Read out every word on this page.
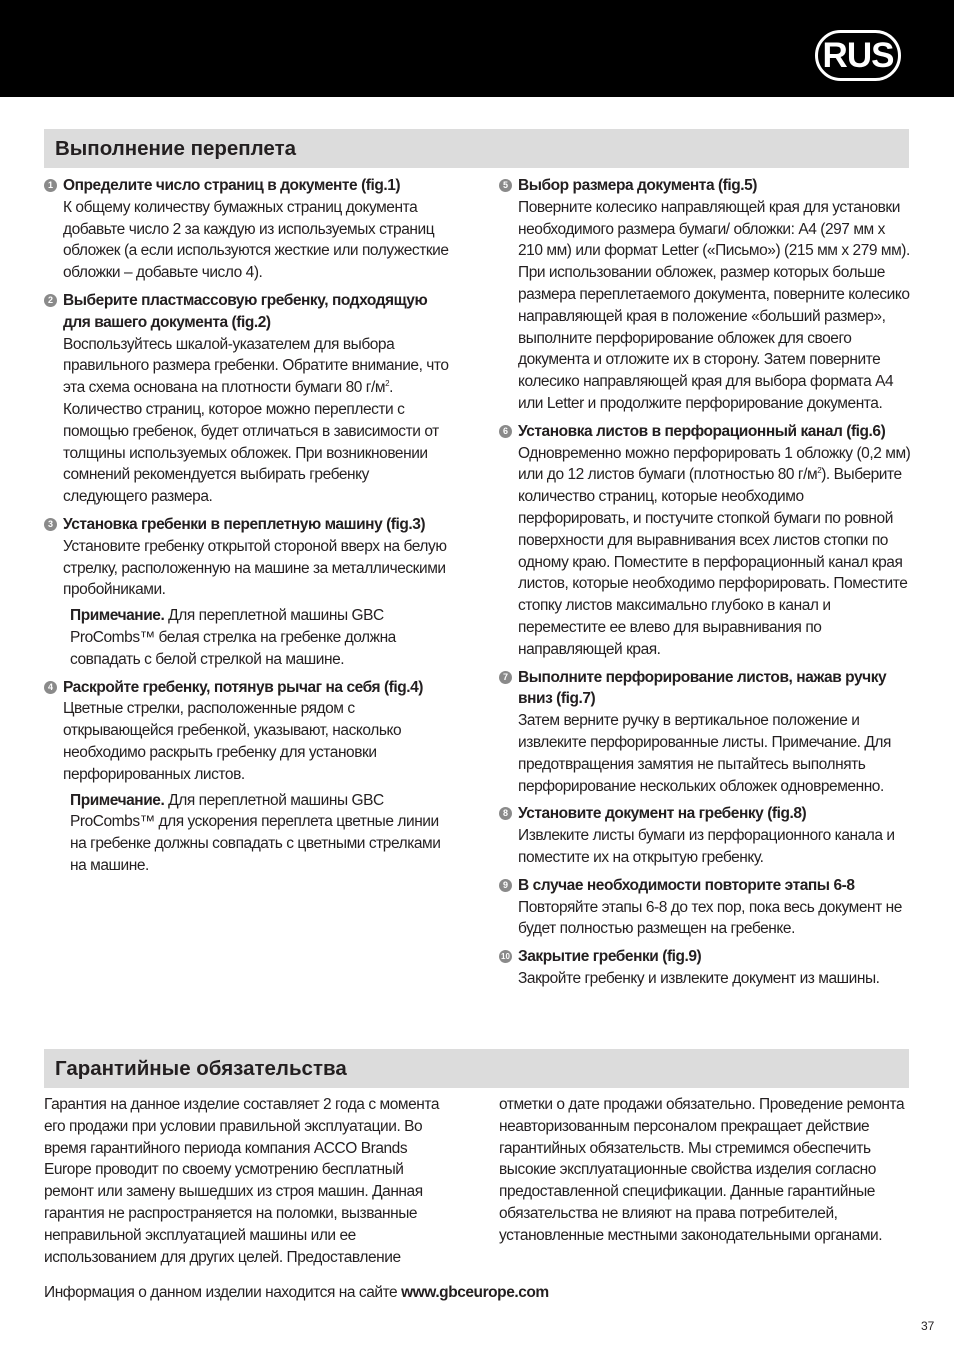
RUS
Выполнение переплета
1 Определите число страниц в документе (fig.1)
К общему количеству бумажных страниц документа добавьте число 2 за каждую из используемых страниц обложек (а если используются жесткие или полужесткие обложки – добавьте число 4).
2 Выберите пластмассовую гребенку, подходящую для вашего документа (fig.2)
Воспользуйтесь шкалой-указателем для выбора правильного размера гребенки. Обратите внимание, что эта схема основана на плотности бумаги 80 $г/м^2$. Количество страниц, которое можно переплести с помощью гребенок, будет отличаться в зависимости от толщины используемых обложек. При возникновении сомнений рекомендуется выбирать гребенку следующего размера.
3 Установка гребенки в переплетную машину (fig.3)
Установите гребенку открытой стороной вверх на белую стрелку, расположенную на машине за металлическими пробойниками.
Примечание. Для переплетной машины GBC ProCombs™ белая стрелка на гребенке должна совпадать с белой стрелкой на машине.
4 Раскройте гребенку, потянув рычаг на себя (fig.4)
Цветные стрелки, расположенные рядом с открывающейся гребенкой, указывают, насколько необходимо раскрыть гребенку для установки перфорированных листов.
Примечание. Для переплетной машины GBC ProCombs™ для ускорения переплета цветные линии на гребенке должны совпадать с цветными стрелками на машине.
5 Выбор размера документа (fig.5)
Поверните колесико направляющей края для установки необходимого размера бумаги/ обложки: А4 (297 мм x 210 мм) или формат Letter («Письмо») (215 мм x 279 мм). При использовании обложек, размер которых больше размера переплетаемого документа, поверните колесико направляющей края в положение «больший размер», выполните перфорирование обложек для своего документа и отложите их в сторону. Затем поверните колесико направляющей края для выбора формата А4 или Letter и продолжите перфорирование документа.
6 Установка листов в перфорационный канал (fig.6)
Одновременно можно перфорировать 1 обложку (0,2 мм) или до 12 листов бумаги (плотностью 80 $г/м^2$). Выберите количество страниц, которые необходимо перфорировать, и постучите стопкой бумаги по ровной поверхности для выравнивания всех листов стопки по одному краю. Поместите в перфорационный канал края листов, которые необходимо перфорировать. Поместите стопку листов максимально глубоко в канал и переместите ее влево для выравнивания по направляющей края.
7 Выполните перфорирование листов, нажав ручку вниз (fig.7)
Затем верните ручку в вертикальное положение и извлеките перфорированные листы. Примечание. Для предотвращения замятия не пытайтесь выполнять перфорирование нескольких обложек одновременно.
8 Установите документ на гребенку (fig.8)
Извлеките листы бумаги из перфорационного канала и поместите их на открытую гребенку.
9 В случае необходимости повторите этапы 6-8
Повторяйте этапы 6-8 до тех пор, пока весь документ не будет полностью размещен на гребенке.
10 Закрытие гребенки (fig.9)
Закройте гребенку и извлеките документ из машины.
Гарантийные обязательства
Гарантия на данное изделие составляет 2 года с момента его продажи при условии правильной эксплуатации. Во время гарантийного периода компания ACCO Brands Europe проводит по своему усмотрению бесплатный ремонт или замену вышедших из строя машин. Данная гарантия не распространяется на поломки, вызванные неправильной эксплуатацией машины или ее использованием для других целей. Предоставление
отметки о дате продажи обязательно. Проведение ремонта неавторизованным персоналом прекращает действие гарантийных обязательств. Мы стремимся обеспечить высокие эксплуатационные свойства изделия согласно предоставленной спецификации. Данные гарантийные обязательства не влияют на права потребителей, установленные местными законодательными органами.
Информация о данном изделии находится на сайте www.gbceurope.com
37
